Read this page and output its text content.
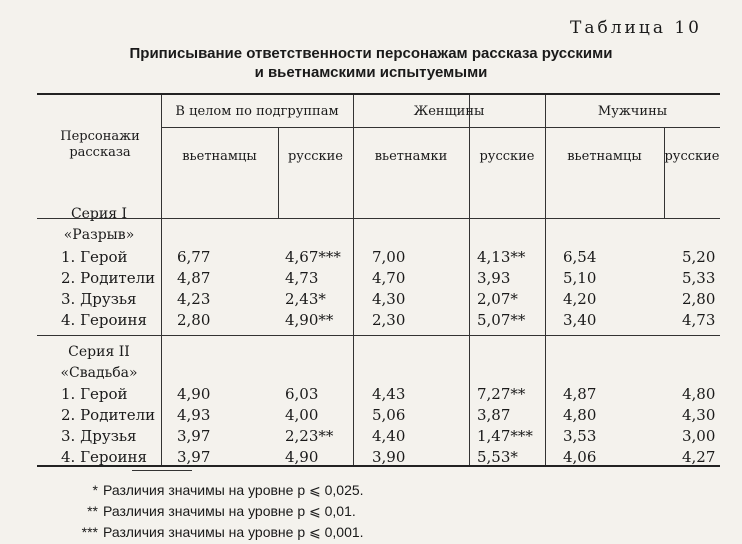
Таблица 10
Приписывание ответственности персонажам рассказа русскими
и вьетнамскими испытуемыми
Персонажи рассказа
В целом по подгруппам	Женщины	Мужчины
вьетнамцы	русские	вьетнамки	русские	вьетнамцы	русские
Серия I
«Разрыв»
Серия II
«Свадьба»
1. Герой	6,77	4,67*** 7,00	4,13**	6,54	5,20
2. Родители 4,87	4,73	4,70	3,93	5,10	5,33
3. Друзья	4,23	2,43*	4,30	2,07*	4,20	2,80
4. Героиня 2,80	4,90**	2,30	5,07**	3,40	4,73
1. Герой	4,90	6,03	4,43	7,27**	4,87	4,80
2. Родители 4,93	4,00	5,06	3,87	4,80	4,30
3. Друзья	3,97	2,23**	4,40	1,47*** 3,53	3,00
4. Героиня 3,97	4,90	3,90	5,53*	4,06	4,27
* Различия значимы на уровне p ⩽ 0,025.
** Различия значимы на уровне p ⩽ 0,01.
*** Различия значимы на уровне p ⩽ 0,001.
